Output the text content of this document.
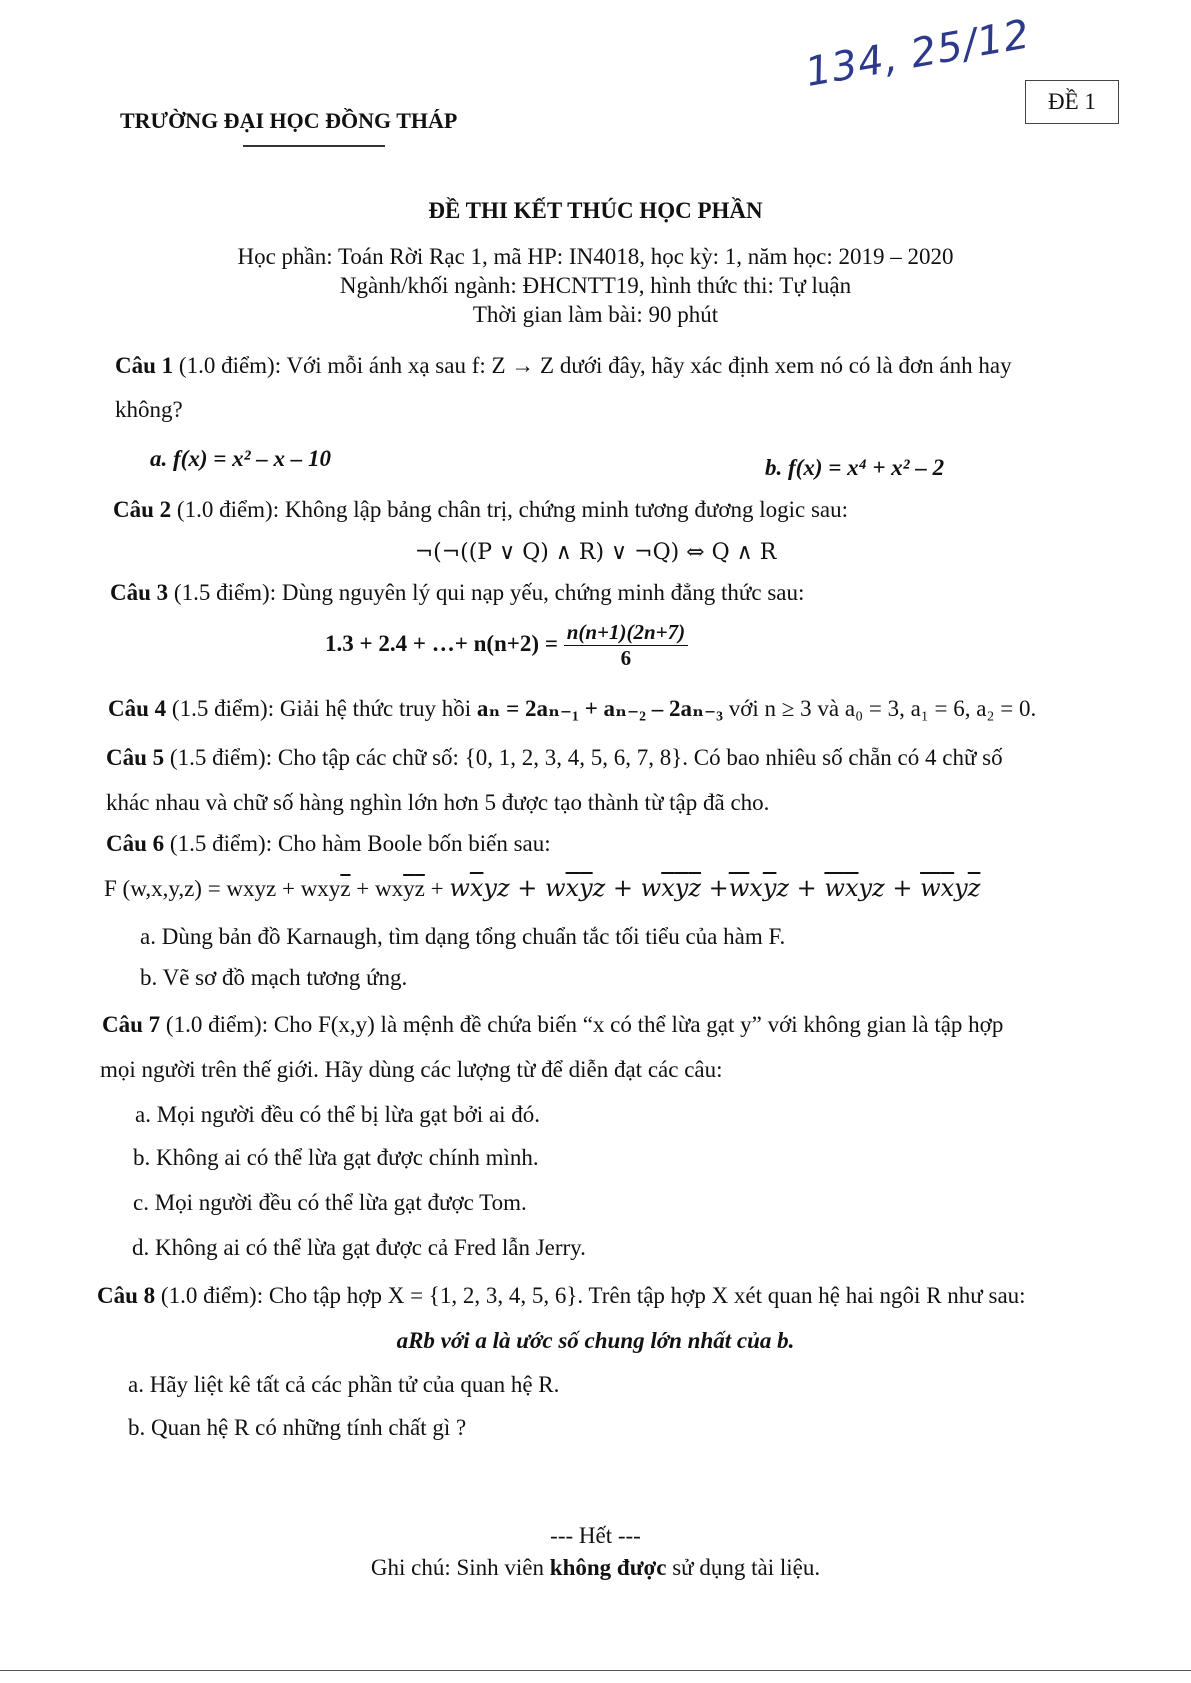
134, 25/12
ĐỀ 1
TRƯỜNG ĐẠI HỌC ĐỒNG THÁP
ĐỀ THI KẾT THÚC HỌC PHẦN
Học phần: Toán Rời Rạc 1, mã HP: IN4018, học kỳ: 1, năm học: 2019 – 2020
Ngành/khối ngành: ĐHCNTT19, hình thức thi: Tự luận
Thời gian làm bài: 90 phút
Câu 1 (1.0 điểm): Với mỗi ánh xạ sau f: Z → Z dưới đây, hãy xác định xem nó có là đơn ánh hay
không?
a. f(x) = x² – x – 10	b. f(x) = x⁴ + x² – 2
Câu 2 (1.0 điểm): Không lập bảng chân trị, chứng minh tương đương logic sau:
¬(¬((P ∨ Q) ∧ R) ∨ ¬Q) ⇔ Q ∧ R
Câu 3 (1.5 điểm): Dùng nguyên lý qui nạp yếu, chứng minh đẳng thức sau:
1.3 + 2.4 + …+ $n(n+2) = \frac{n(n+1)(2n+7)}{6}$
Câu 4 (1.5 điểm): Giải hệ thức truy hồi aₙ = 2aₙ₋₁ + aₙ₋₂ – 2aₙ₋₃ với n ≥ 3 và a₀ = 3, a₁ = 6, a₂ = 0.
Câu 5 (1.5 điểm): Cho tập các chữ số: {0, 1, 2, 3, 4, 5, 6, 7, 8}. Có bao nhiêu số chẵn có 4 chữ số
khác nhau và chữ số hàng nghìn lớn hơn 5 được tạo thành từ tập đã cho.
Câu 6 (1.5 điểm): Cho hàm Boole bốn biến sau:
F (w,x,y,z) = wxyz + $wxy\overline{z} + wx\overline{y}\overline{z} + w\overline{x}yz + w\overline{x}\overline{y}z + w\overline{x}\overline{y}\overline{z} +\overline{w}x\overline{y}z + \overline{w}\overline{x}yz + \overline{w}\overline{x}y\overline{z}$
a. Dùng bản đồ Karnaugh, tìm dạng tổng chuẩn tắc tối tiểu của hàm F.
b. Vẽ sơ đồ mạch tương ứng.
Câu 7 (1.0 điểm): Cho F(x,y) là mệnh đề chứa biến “x có thể lừa gạt y” với không gian là tập hợp
mọi người trên thế giới. Hãy dùng các lượng từ để diễn đạt các câu:
a. Mọi người đều có thể bị lừa gạt bởi ai đó.
b. Không ai có thể lừa gạt được chính mình.
c. Mọi người đều có thể lừa gạt được Tom.
d. Không ai có thể lừa gạt được cả Fred lẫn Jerry.
Câu 8 (1.0 điểm): Cho tập hợp X = {1, 2, 3, 4, 5, 6}. Trên tập hợp X xét quan hệ hai ngôi R như sau:
aRb với a là ước số chung lớn nhất của b.
a. Hãy liệt kê tất cả các phần tử của quan hệ R.
b. Quan hệ R có những tính chất gì ?
--- Hết ---
Ghi chú: Sinh viên không được sử dụng tài liệu.
